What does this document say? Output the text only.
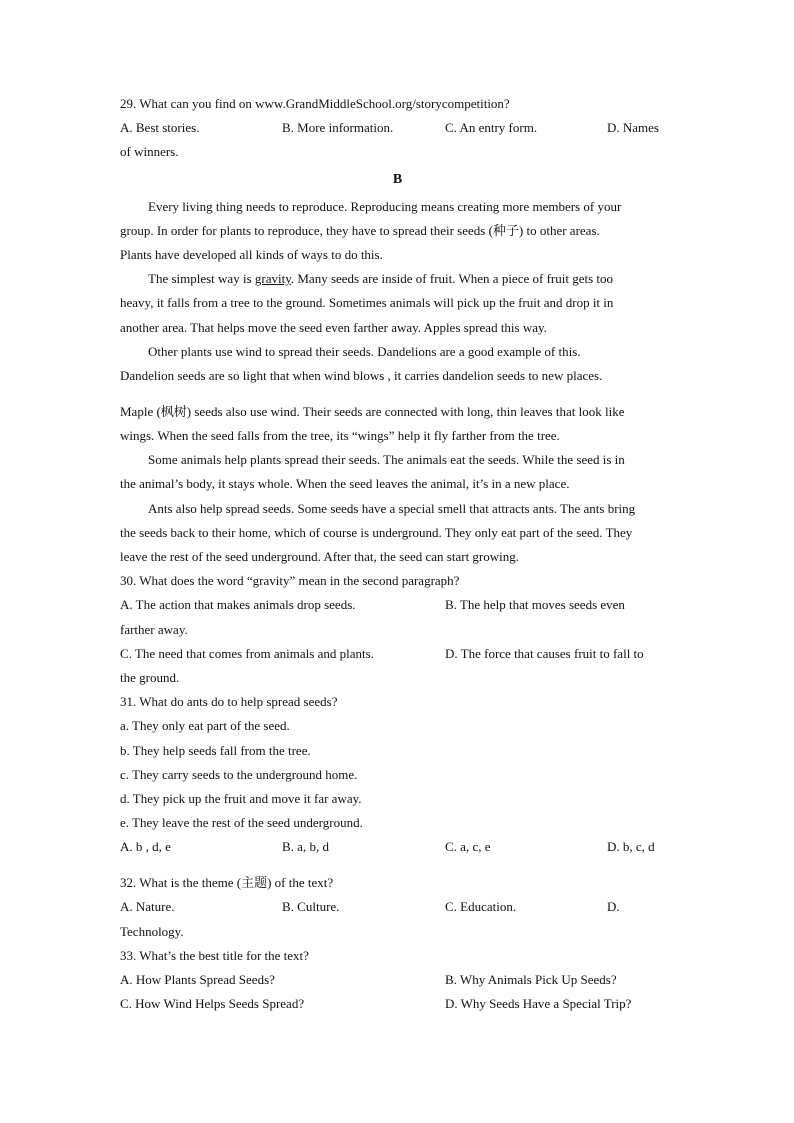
29. What can you find on www.GrandMiddleSchool.org/storycompetition?
A. Best stories.	B. More information.	C. An entry form.	D. Names
of winners.
B
Every living thing needs to reproduce. Reproducing means creating more members of your
group. In order for plants to reproduce, they have to spread their seeds (种子) to other areas.
Plants have developed all kinds of ways to do this.
The simplest way is gravity. Many seeds are inside of fruit. When a piece of fruit gets too
heavy, it falls from a tree to the ground. Sometimes animals will pick up the fruit and drop it in
another area. That helps move the seed even farther away. Apples spread this way.
Other plants use wind to spread their seeds. Dandelions are a good example of this.
Dandelion seeds are so light that when wind blows , it carries dandelion seeds to new places.
Maple (枫树) seeds also use wind. Their seeds are connected with long, thin leaves that look like
wings. When the seed falls from the tree, its “wings” help it fly farther from the tree.
Some animals help plants spread their seeds. The animals eat the seeds. While the seed is in
the animal’s body, it stays whole. When the seed leaves the animal, it’s in a new place.
Ants also help spread seeds. Some seeds have a special smell that attracts ants. The ants bring
the seeds back to their home, which of course is underground. They only eat part of the seed. They
leave the rest of the seed underground. After that, the seed can start growing.
30. What does the word “gravity” mean in the second paragraph?
A. The action that makes animals drop seeds.	B. The help that moves seeds even
farther away.
C. The need that comes from animals and plants.	D. The force that causes fruit to fall to
the ground.
31. What do ants do to help spread seeds?
a. They only eat part of the seed.
b. They help seeds fall from the tree.
c. They carry seeds to the underground home.
d. They pick up the fruit and move it far away.
e. They leave the rest of the seed underground.
A. b , d, e	B. a, b, d	C. a, c, e	D. b, c, d
32. What is the theme (主题) of the text?
A. Nature.	B. Culture.	C. Education.	D.
Technology.
33. What’s the best title for the text?
A. How Plants Spread Seeds?	B. Why Animals Pick Up Seeds?
C. How Wind Helps Seeds Spread?	D. Why Seeds Have a Special Trip?
